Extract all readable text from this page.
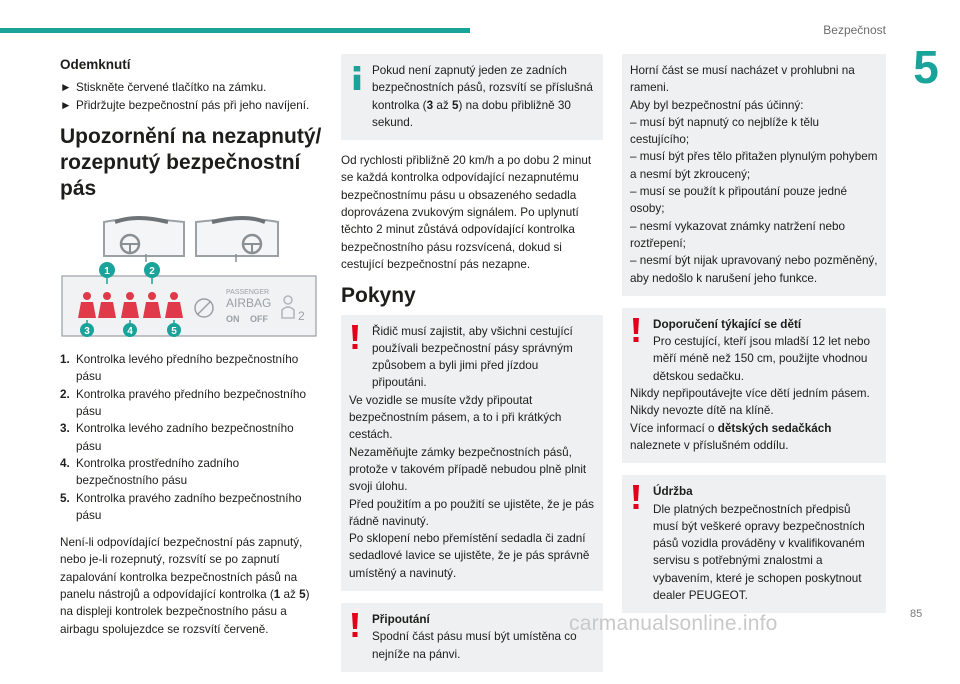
Bezpečnost
5
Odemknutí
► Stiskněte červené tlačítko na zámku.
► Přidržujte bezpečnostní pás při jeho navíjení.
Upozornění na nezapnutý/ rozepnutý bezpečnostní pás
PASSENGER
AIRBAG
ON OFF	2
1	2
3	4	5
1. Kontrolka levého předního bezpečnostního pásu
2. Kontrolka pravého předního bezpečnostního pásu
3. Kontrolka levého zadního bezpečnostního pásu
4. Kontrolka prostředního zadního bezpečnostního pásu
5. Kontrolka pravého zadního bezpečnostního pásu

Není-li odpovídající bezpečnostní pás zapnutý, nebo je-li rozepnutý, rozsvítí se po zapnutí zapalování kontrolka bezpečnostních pásů na panelu nástrojů a odpovídající kontrolka (1 až 5) na displeji kontrolek bezpečnostního pásu a airbagu spolujezdce se rozsvítí červeně.

Pokud není zapnutý jeden ze zadních bezpečnostních pásů, rozsvítí se příslušná kontrolka (3 až 5) na dobu přibližně 30 sekund.

Od rychlosti přibližně 20 km/h a po dobu 2 minut se každá kontrolka odpovídající nezapnutému bezpečnostnímu pásu u obsazeného sedadla doprovázena zvukovým signálem. Po uplynutí těchto 2 minut zůstává odpovídající kontrolka bezpečnostního pásu rozsvícená, dokud si cestující bezpečnostní pás nezapne.

Pokyny
Řidič musí zajistit, aby všichni cestující používali bezpečnostní pásy správným způsobem a byli jimi před jízdou připoutáni.
Ve vozidle se musíte vždy připoutat bezpečnostním pásem, a to i při krátkých cestách.
Nezaměňujte zámky bezpečnostních pásů, protože v takovém případě nebudou plně plnit svoji úlohu.
Před použitím a po použití se ujistěte, že je pás řádně navinutý.
Po sklopení nebo přemístění sedadla či zadní sedadlové lavice se ujistěte, že je pás správně umístěný a navinutý.
Připoutání
Spodní část pásu musí být umístěna co nejníže na pánvi.
Horní část se musí nacházet v prohlubni na rameni.
Aby byl bezpečnostní pás účinný:
– musí být napnutý co nejblíže k tělu cestujícího;
– musí být přes tělo přitažen plynulým pohybem a nesmí být zkroucený;
– musí se použít k připoutání pouze jedné osoby;
– nesmí vykazovat známky natržení nebo roztřepení;
– nesmí být nijak upravovaný nebo pozměněný, aby nedošlo k narušení jeho funkce.
Doporučení týkající se dětí
Pro cestující, kteří jsou mladší 12 let nebo měří méně než 150 cm, použijte vhodnou dětskou sedačku.
Nikdy nepřipoutávejte více dětí jedním pásem.
Nikdy nevozte dítě na klíně.
Více informací o dětských sedačkách naleznete v příslušném oddílu.
Údržba
Dle platných bezpečnostních předpisů musí být veškeré opravy bezpečnostních pásů vozidla prováděny v kvalifikovaném servisu s potřebnými znalostmi a vybavením, které je schopen poskytnout dealer PEUGEOT.
carmanualsonline.info	85
